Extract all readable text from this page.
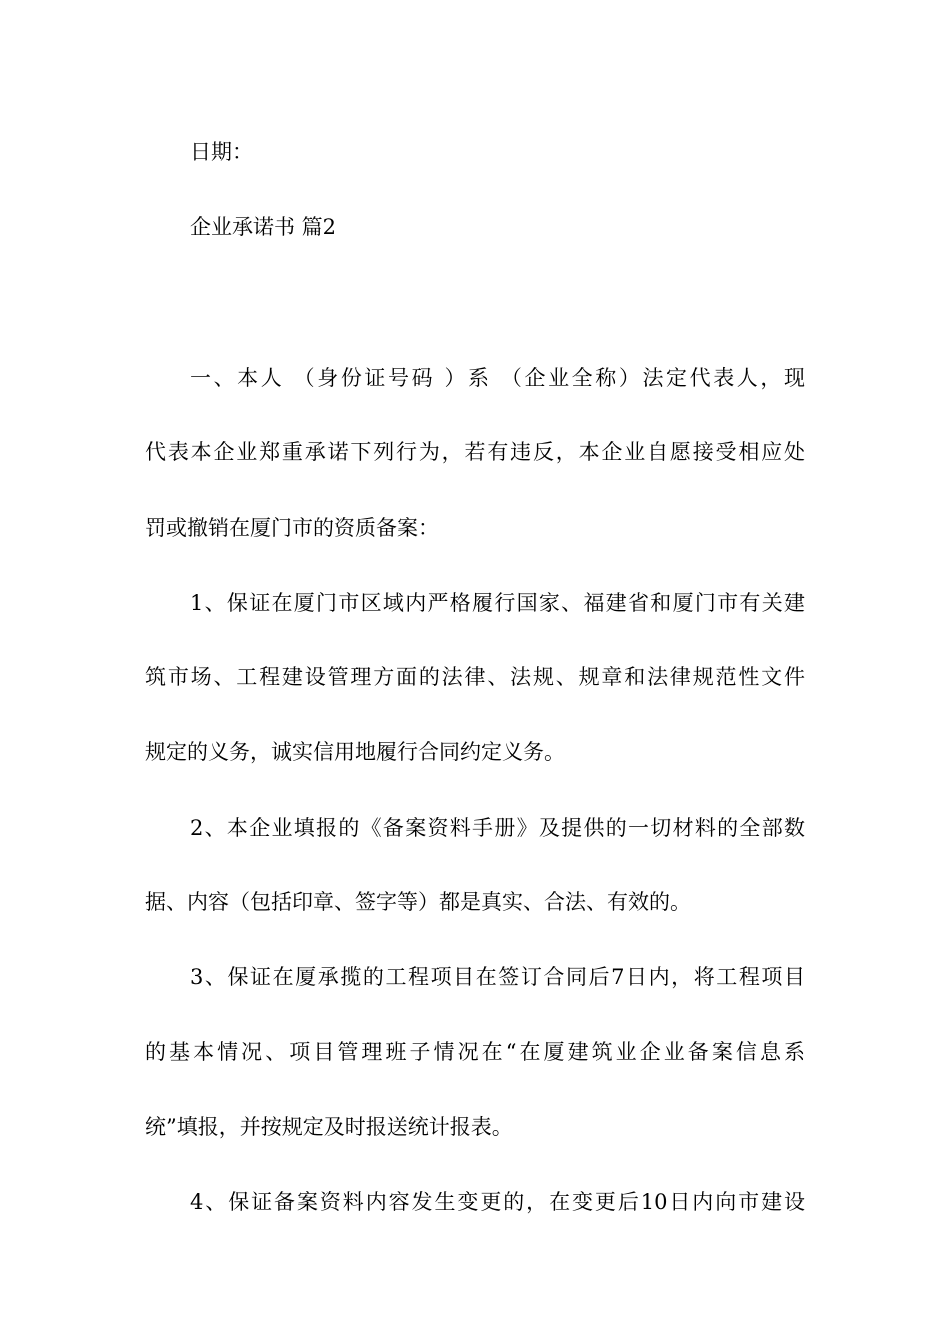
日期：
企业承诺书 篇2
一、本人 （身份证号码 ）系 （企业全称）法定代表人，现
代表本企业郑重承诺下列行为，若有违反，本企业自愿接受相应处
罚或撤销在厦门市的资质备案：
1、保证在厦门市区域内严格履行国家、福建省和厦门市有关建
筑市场、工程建设管理方面的法律、法规、规章和法律规范性文件
规定的义务，诚实信用地履行合同约定义务。
2、本企业填报的《备案资料手册》及提供的一切材料的全部数
据、内容（包括印章、签字等）都是真实、合法、有效的。
3、保证在厦承揽的工程项目在签订合同后7日内，将工程项目
的基本情况、项目管理班子情况在“在厦建筑业企业备案信息系
统”填报，并按规定及时报送统计报表。
4、保证备案资料内容发生变更的，在变更后10日内向市建设
